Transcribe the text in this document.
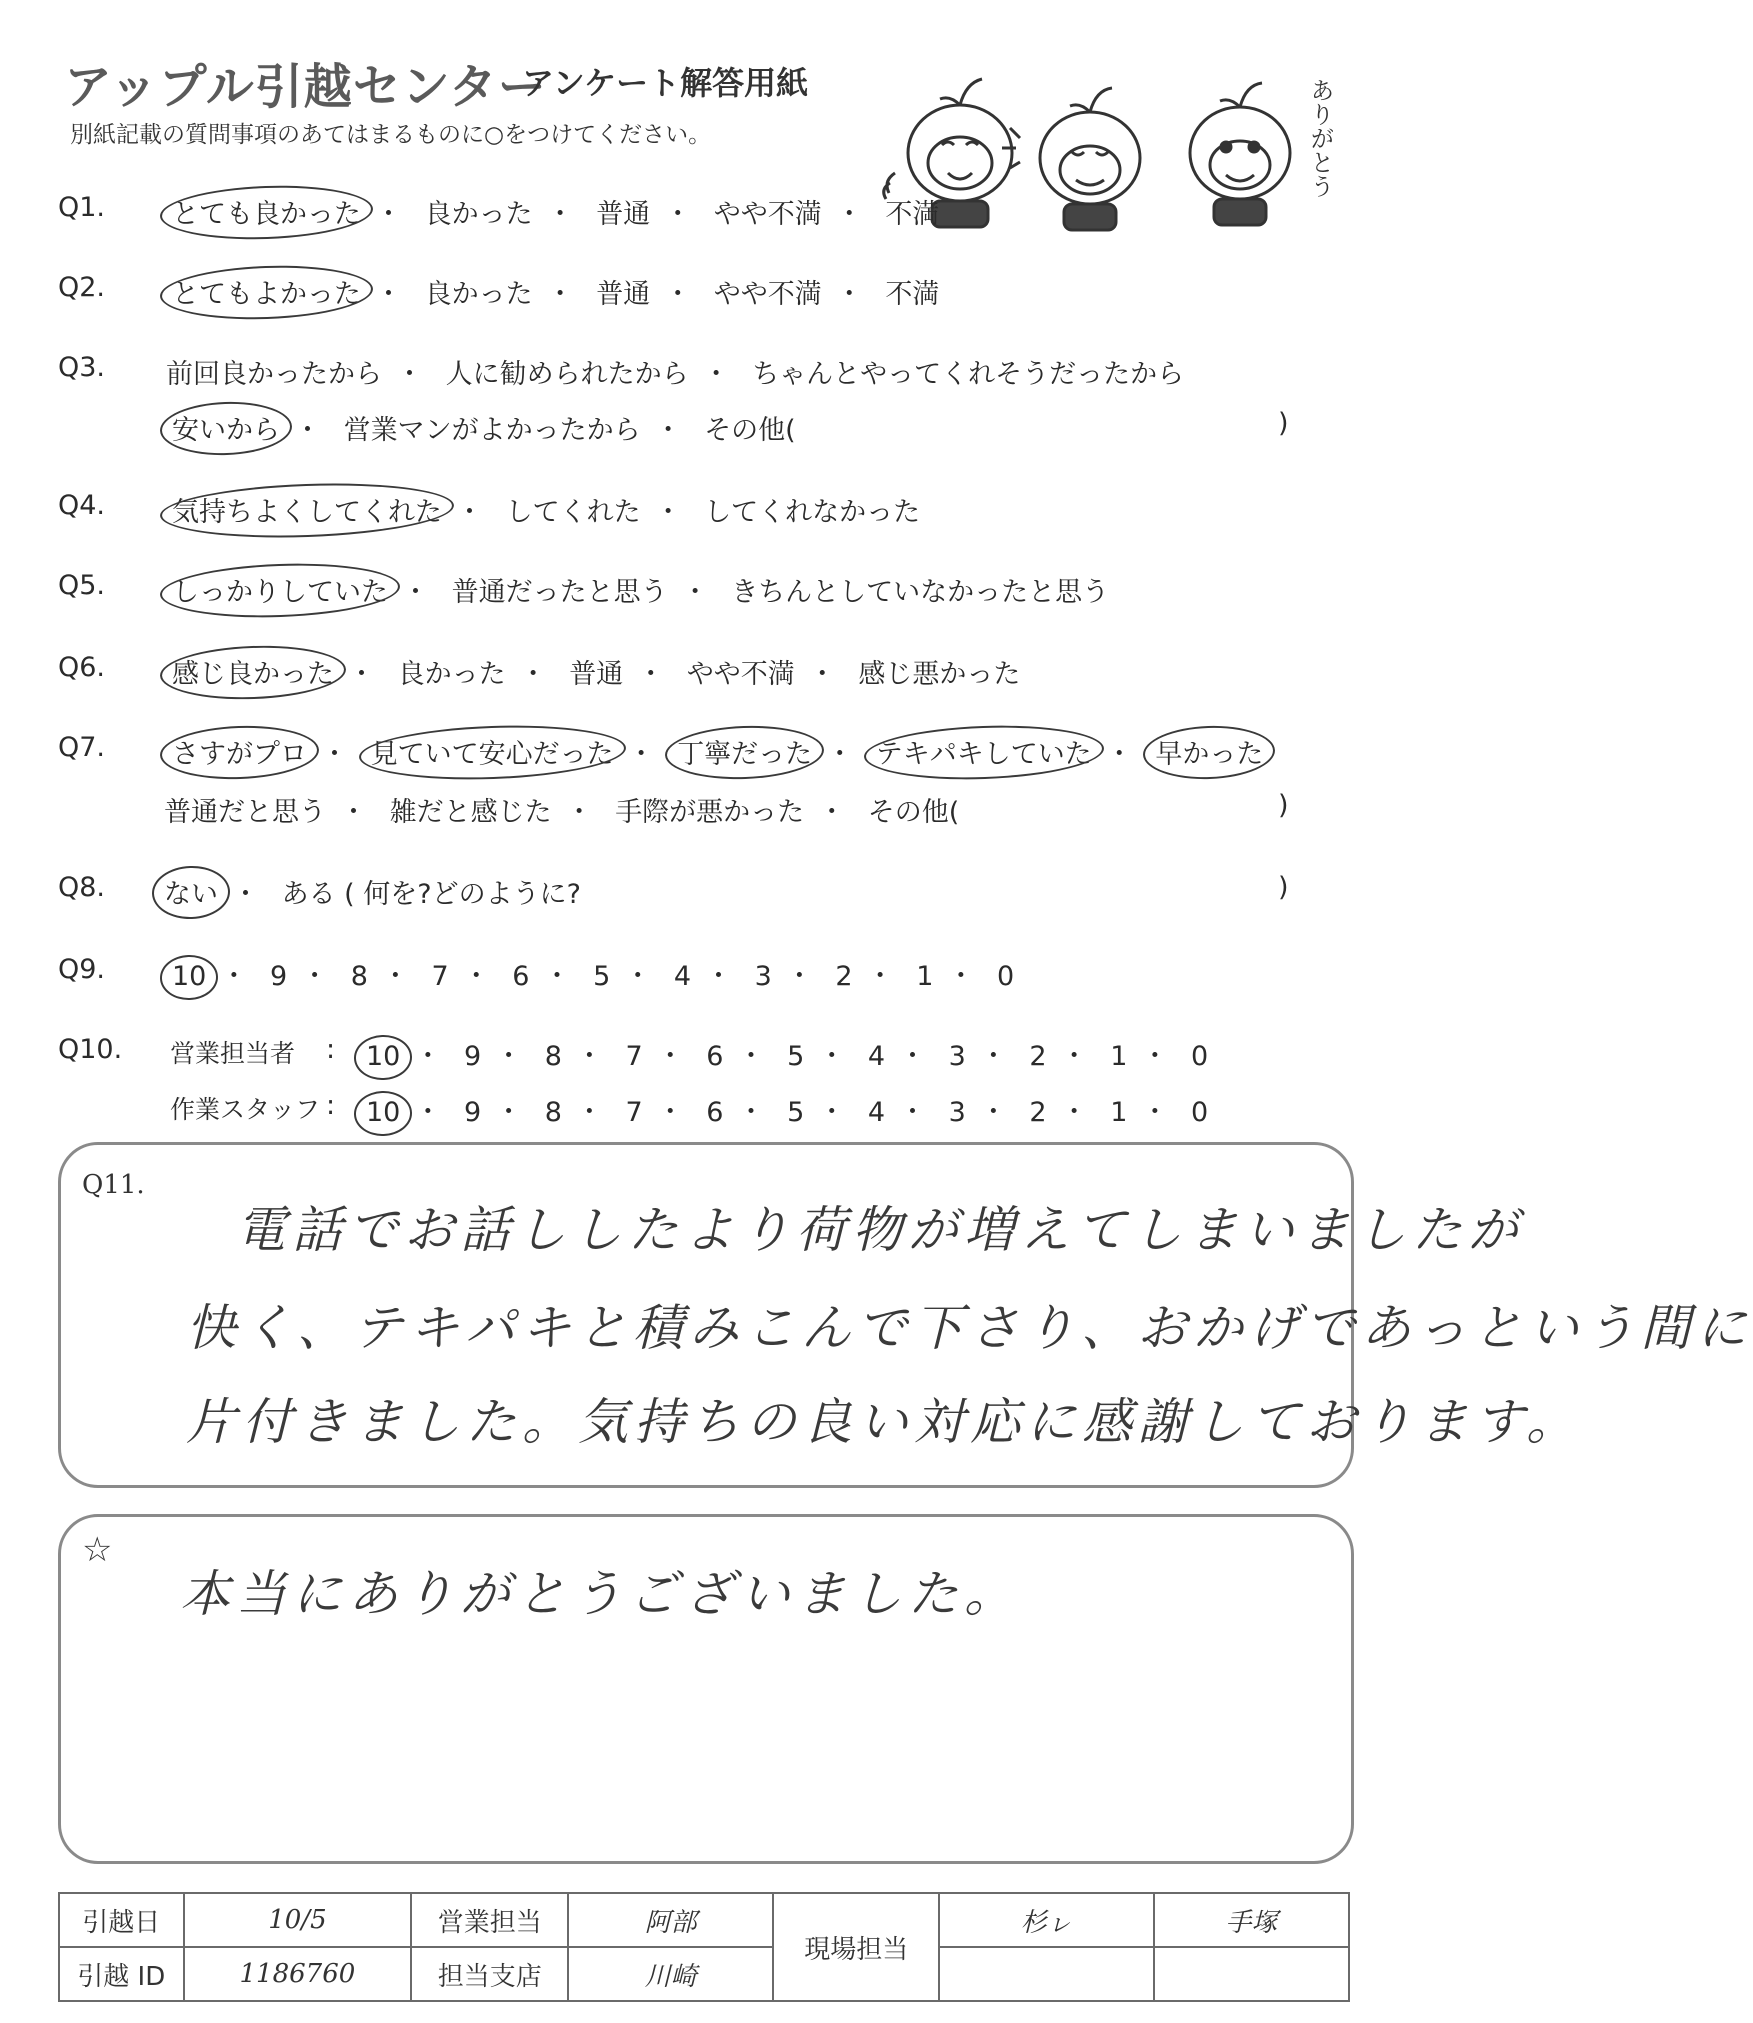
アップル引越センター
アンケート解答用紙
別紙記載の質問事項のあてはまるものに○をつけてください。	ありがとう
Q1. とても良かった ・ 良かった ・ 普通 ・ やや不満 ・ 不満
Q2. とてもよかった ・ 良かった ・ 普通 ・ やや不満 ・ 不満
Q3. 前回良かったから ・ 人に勧められたから ・ ちゃんとやってくれそうだったから
安いから ・ 営業マンがよかったから ・ その他(	)
Q4. 気持ちよくしてくれた ・ してくれた ・ してくれなかった
Q5. しっかりしていた ・ 普通だったと思う ・ きちんとしていなかったと思う
Q6. 感じ良かった ・ 良かった ・ 普通 ・ やや不満 ・ 感じ悪かった
Q7. さすがプロ ・ 見ていて安心だった ・ 丁寧だった ・ テキパキしていた ・ 早かった
普通だと思う ・ 雑だと感じた ・ 手際が悪かった ・ その他(	)
Q8. ない ・ ある ( 何を?どのように?	)
Q9. 10 ・ 9 ・ 8 ・ 7 ・ 6 ・ 5 ・ 4 ・ 3 ・ 2 ・ 1 ・ 0
Q10. 営業担当者 : 10 ・ 9 ・ 8 ・ 7 ・ 6 ・ 5 ・ 4 ・ 3 ・ 2 ・ 1 ・ 0
作業スタッフ : 10 ・ 9 ・ 8 ・ 7 ・ 6 ・ 5 ・ 4 ・ 3 ・ 2 ・ 1 ・ 0
Q11.
電話でお話ししたより荷物が増えてしまいましたが
快く、テキパキと積みこんで下さり、おかげであっという間に
片付きました。気持ちの良い対応に感謝しております。
☆
本当にありがとうございました。
引越日	10/5	営業担当	阿部	現場担当	杉ㇾ	手塚
引越 ID	1186760	担当支店	川崎			
